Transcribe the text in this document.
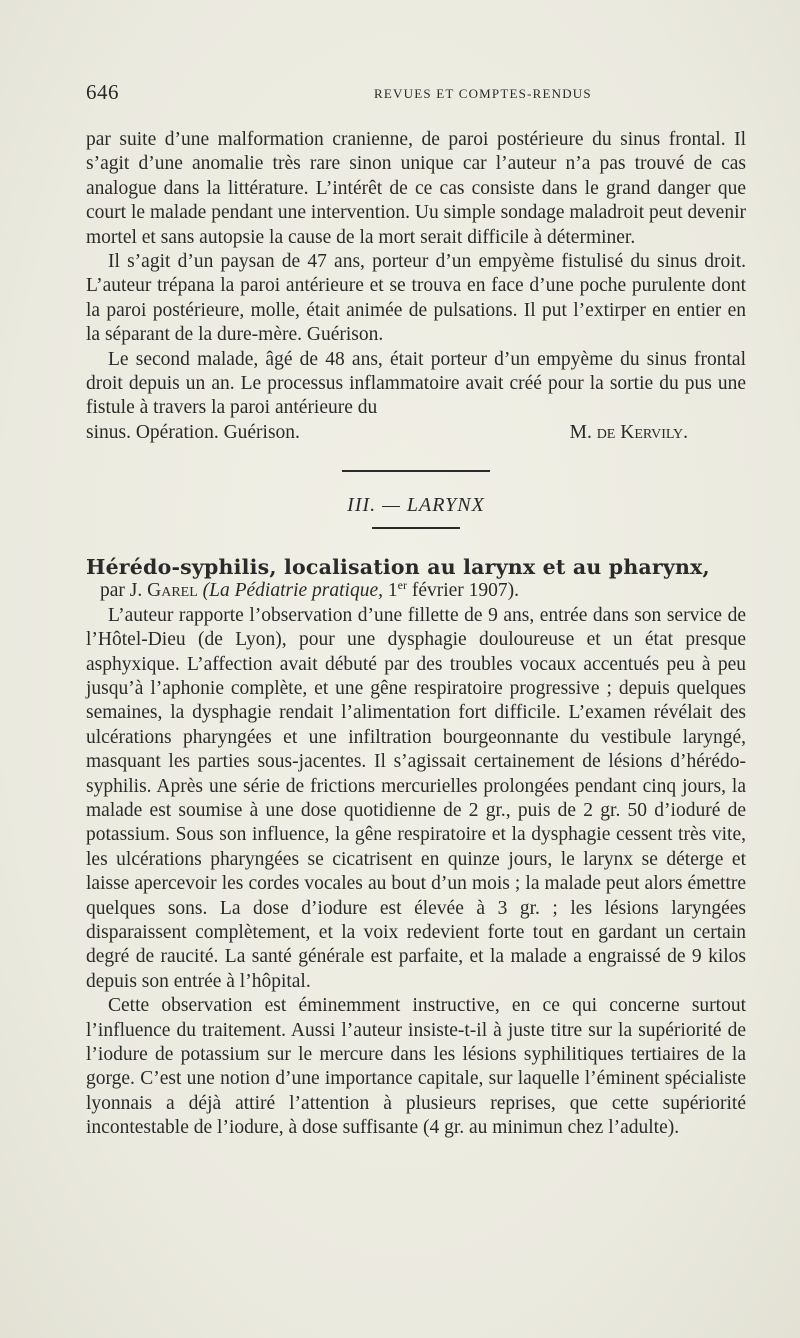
646	REVUES ET COMPTES-RENDUS

par suite d’une malformation cranienne, de paroi postérieure du sinus frontal. Il s’agit d’une anomalie très rare sinon unique car l’auteur n’a pas trouvé de cas analogue dans la littérature. L’intérêt de ce cas consiste dans le grand danger que court le malade pendant une intervention. Uu simple sondage maladroit peut devenir mortel et sans autopsie la cause de la mort serait difficile à déterminer.

Il s’agit d’un paysan de 47 ans, porteur d’un empyème fistulisé du sinus droit. L’auteur trépana la paroi antérieure et se trouva en face d’une poche purulente dont la paroi postérieure, molle, était animée de pulsations. Il put l’extirper en entier en la séparant de la dure-mère. Guérison.

Le second malade, âgé de 48 ans, était porteur d’un empyème du sinus frontal droit depuis un an. Le processus inflammatoire avait créé pour la sortie du pus une fistule à travers la paroi antérieure du

sinus. Opération. Guérison.	M. de Kervily.
III. — LARYNX

Hérédo-syphilis, localisation au larynx et au pharynx,

par J. Garel (La Pédiatrie pratique, 1er février 1907).

L’auteur rapporte l’observation d’une fillette de 9 ans, entrée dans son service de l’Hôtel-Dieu (de Lyon), pour une dysphagie douloureuse et un état presque asphyxique. L’affection avait débuté par des troubles vocaux accentués peu à peu jusqu’à l’aphonie complète, et une gêne respiratoire progressive ; depuis quelques semaines, la dysphagie rendait l’alimentation fort difficile. L’examen révélait des ulcérations pharyngées et une infiltration bourgeonnante du vestibule laryngé, masquant les parties sous-jacentes. Il s’agissait certainement de lésions d’hérédo-syphilis. Après une série de frictions mercurielles prolongées pendant cinq jours, la malade est soumise à une dose quotidienne de 2 gr., puis de 2 gr. 50 d’ioduré de potassium. Sous son influence, la gêne respiratoire et la dysphagie cessent très vite, les ulcérations pharyngées se cicatrisent en quinze jours, le larynx se déterge et laisse apercevoir les cordes vocales au bout d’un mois ; la malade peut alors émettre quelques sons. La dose d’iodure est élevée à 3 gr. ; les lésions laryngées disparaissent complètement, et la voix redevient forte tout en gardant un certain degré de raucité. La santé générale est parfaite, et la malade a engraissé de 9 kilos depuis son entrée à l’hôpital.

Cette observation est éminemment instructive, en ce qui concerne surtout l’influence du traitement. Aussi l’auteur insiste-t-il à juste titre sur la supériorité de l’iodure de potassium sur le mercure dans les lésions syphilitiques tertiaires de la gorge. C’est une notion d’une importance capitale, sur laquelle l’éminent spécialiste lyonnais a déjà attiré l’attention à plusieurs reprises, que cette supériorité incontestable de l’iodure, à dose suffisante (4 gr. au minimun chez l’adulte).
